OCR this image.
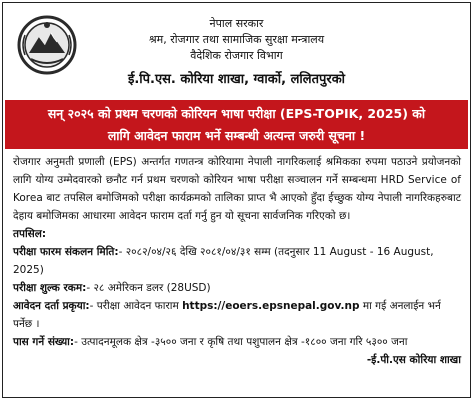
नेपाल सरकार
श्रम, रोजगार तथा सामाजिक सुरक्षा मन्त्रालय
वैदेशिक रोजगार विभाग
ई.पि.एस. कोरिया शाखा, ग्वार्को, ललितपुरको
सन् २०२५ को प्रथम चरणको कोरियन भाषा परीक्षा (EPS-TOPIK, 2025) को
लागि आवेदन फाराम भर्ने सम्बन्धी अत्यन्त जरुरी सूचना !

रोजगार अनुमती प्रणाली (EPS) अन्तर्गत गणतन्त्र कोरियामा नेपाली नागरिकलाई श्रमिकका रुपमा पठाउने प्रयोजनको लागि योग्य उम्मेदवारको छनौट गर्न प्रथम चरणको कोरियन भाषा परीक्षा सञ्चालन गर्ने सम्बन्धमा HRD Service of Korea बाट तपसिल बमोजिमको परीक्षा कार्यक्रमको तालिका प्राप्त भै आएको हुँदा ईच्छुक योग्य नेपाली नागरिकहरुबाट देहाय बमोजिमका आधारमा आवेदन फाराम दर्ता गर्नु हुन यो सूचना सार्वजनिक गरिएको छ।

तपसिल:

परीक्षा फारम संकलन मिति:- २०८२/०४/२६ देखि २०८१/०४/३१ सम्म (तदनुसार 11 August - 16 August, 2025)

परीक्षा शुल्क रकम:- २८ अमेरिकन डलर (28USD)

आवेदन दर्ता प्रकृया:- परीक्षा आवेदन फाराम https://eoers.epsnepal.gov.np मा गई अनलाईन भर्न पर्नेछ ।

पास गर्ने संख्या:- उत्पादनमूलक क्षेत्र -३५०० जना र कृषि तथा पशुपालन क्षेत्र -१८०० जना गरि ५३०० जना

-ई.पी.एस कोरिया शाखा
